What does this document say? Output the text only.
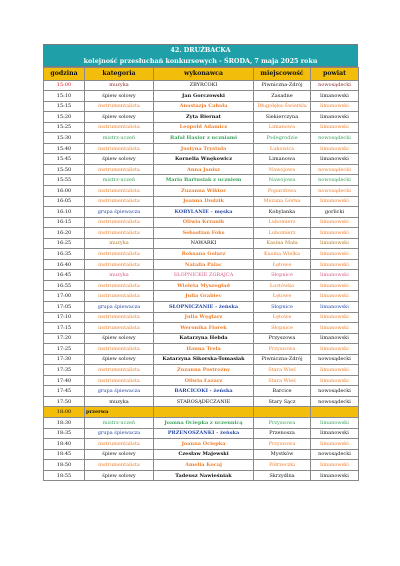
42. DRUŻBACKA
kolejność przesłuchań konkursowych - ŚRODA, 7 maja 2025 roku
godzina	kategoria	wykonawca	miejscowość	powiat
15:00	muzyka	ZBYRCOKI	Piwniczna-Zdrój	nowosądecki
15:10	śpiew solowy	Jan Gorczowski	Zasadne	limanowski
15:15	instrumentalista	Anastazja Cabała	Długołęka-Świerkla	limanowski
15:20	śpiew solowy	Zyta Biernat	Siekierczyna	limanowski
15:25	instrumentalista	Leopold Adamicz	Limanowa	limanowski
15:30	mistrz-uczeń	Rafał Hasior z uczniami	Podegrodzie	nowosądecki
15:40	instrumentalista	Justyna Trystuła	Łukowica	limanowski
15:45	śpiew solowy	Kornelia Wnękowicz	Limanowa	limanowski
15:50	instrumentalista	Anna Janisz	Nawojowa	nowosądecki
15:55	mistrz-uczeń	Maria Bartusiak z uczniem	Nawojowa	nowosądecki
16:00	instrumentalista	Zuzanna Wiktor	Popardowa	nowosądecki
16:05	instrumentalista	Joanna Dudzik	Mszana Górna	limanowski
16:10	grupa śpiewacza	KOBYLANIE - męska	Kobylanka	gorlicki
16:15	instrumentalista	Oliwia Krzanik	Lubomierz	limanowski
16:20	instrumentalista	Sebastian Foks	Lubomierz	limanowski
16:25	muzyka	NAWARKI	Kasina Mała	limanowski
16:35	instrumentalista	Roksana Golarz	Kasina Wielka	limanowski
16:40	instrumentalista	Natalia Palac	Łętowe	limanowski
16:45	muzyka	SŁOPNICKIE ZGRAJCA	Słopnice	limanowski
16:55	instrumentalista	Wioleta Myszogład	Łostówka	limanowski
17:00	instrumentalista	Julia Grabiec	Łętowe	limanowski
17:05	grupa śpiewacza	SŁOPNICZANIE - żeńska	Słopnice	limanowski
17:10	instrumentalista	Julia Węglarz	Łętowe	limanowski
17:15	instrumentalista	Weronika Florek	Słopnice	limanowski
17:20	śpiew solowy	Katarzyna Hebda	Przyszowa	limanowski
17:25	instrumentalista	Hanna Trela	Przyszowa	limanowski
17:30	śpiew solowy	Katarzyna Sikorska-Tomasiak	Piwniczna-Zdrój	nowosądecki
17:35	instrumentalista	Zuzanna Postrożny	Stara Wieś	limanowski
17:40	instrumentalista	Oliwia Łazarz	Stara Wieś	limanowski
17:45	grupa śpiewacza	BARCICOKI - żeńska	Barcice	nowosądecki
17:50	muzyka	STAROSĄDECZANIE	Stary Sącz	nowosądecki
18:00	przerwa			
18:30	mistrz-uczeń	Joanna Ociepka z uczennicą	Przyszowa	limanowski
18:35	grupa śpiewacza	PRZENOSZANKI - żeńska	Przenosza	limanowski
18:40	instrumentalista	Joanna Ociepka	Przyszowa	limanowski
18:45	śpiew solowy	Czesław Majewski	Mystków	nowosądecki
18:50	instrumentalista	Amelia Kocaj	Półrzeczki	limanowski
18:55	śpiew solowy	Tadeusz Nawieśniak	Skrzydlna	limanowski
